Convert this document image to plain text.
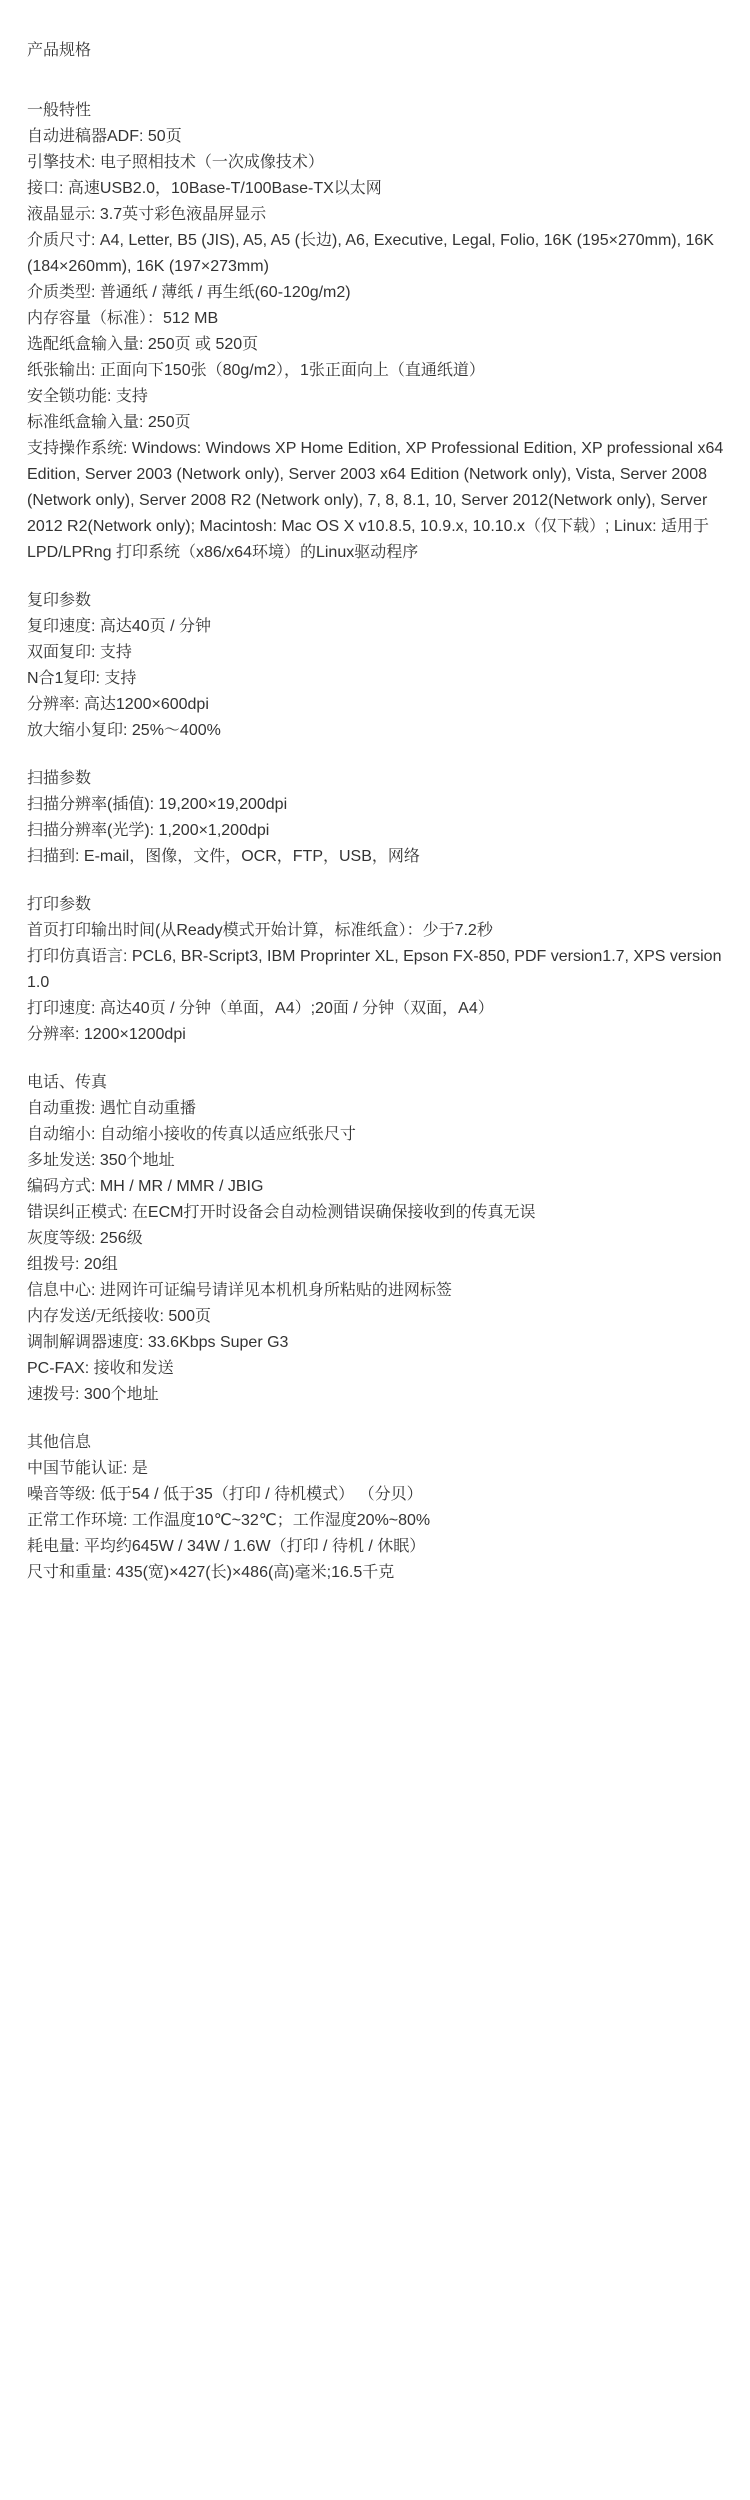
产品规格
一般特性
自动进稿器ADF: 50页
引擎技术: 电子照相技术（一次成像技术）
接口: 高速USB2.0，10Base-T/100Base-TX以太网
液晶显示: 3.7英寸彩色液晶屏显示
介质尺寸: A4, Letter, B5 (JIS), A5, A5 (长边), A6, Executive, Legal, Folio, 16K (195×270mm), 16K (184×260mm), 16K (197×273mm)
介质类型: 普通纸 / 薄纸 / 再生纸(60-120g/m2)
内存容量（标准）：512 MB
选配纸盒输入量: 250页 或 520页
纸张输出: 正面向下150张（80g/m2），1张正面向上（直通纸道）
安全锁功能: 支持
标准纸盒输入量: 250页
支持操作系统: Windows: Windows XP Home Edition, XP Professional Edition, XP professional x64 Edition, Server 2003 (Network only), Server 2003 x64 Edition (Network only), Vista, Server 2008 (Network only), Server 2008 R2 (Network only), 7, 8, 8.1, 10, Server 2012(Network only), Server 2012 R2(Network only); Macintosh: Mac OS X v10.8.5, 10.9.x, 10.10.x（仅下载）; Linux: 适用于LPD/LPRng 打印系统（x86/x64环境）的Linux驱动程序
复印参数
复印速度: 高达40页 / 分钟
双面复印: 支持
N合1复印: 支持
分辨率: 高达1200×600dpi
放大缩小复印: 25%～400%
扫描参数
扫描分辨率(插值): 19,200×19,200dpi
扫描分辨率(光学): 1,200×1,200dpi
扫描到: E-mail，图像，文件，OCR，FTP，USB，网络
打印参数
首页打印输出时间(从Ready模式开始计算，标准纸盒）：少于7.2秒
打印仿真语言: PCL6, BR-Script3, IBM Proprinter XL, Epson FX-850, PDF version1.7, XPS version 1.0
打印速度: 高达40页 / 分钟（单面，A4）;20面 / 分钟（双面，A4）
分辨率: 1200×1200dpi
电话、传真
自动重拨: 遇忙自动重播
自动缩小: 自动缩小接收的传真以适应纸张尺寸
多址发送: 350个地址
编码方式: MH / MR / MMR / JBIG
错误纠正模式: 在ECM打开时设备会自动检测错误确保接收到的传真无误
灰度等级: 256级
组拨号: 20组
信息中心: 进网许可证编号请详见本机机身所粘贴的进网标签
内存发送/无纸接收: 500页
调制解调器速度: 33.6Kbps Super G3
PC-FAX: 接收和发送
速拨号: 300个地址
其他信息
中国节能认证: 是
噪音等级: 低于54 / 低于35（打印 / 待机模式） （分贝）
正常工作环境: 工作温度10℃~32℃；工作湿度20%~80%
耗电量: 平均约645W / 34W / 1.6W（打印 / 待机 / 休眠）
尺寸和重量: 435(宽)×427(长)×486(高)毫米;16.5千克
